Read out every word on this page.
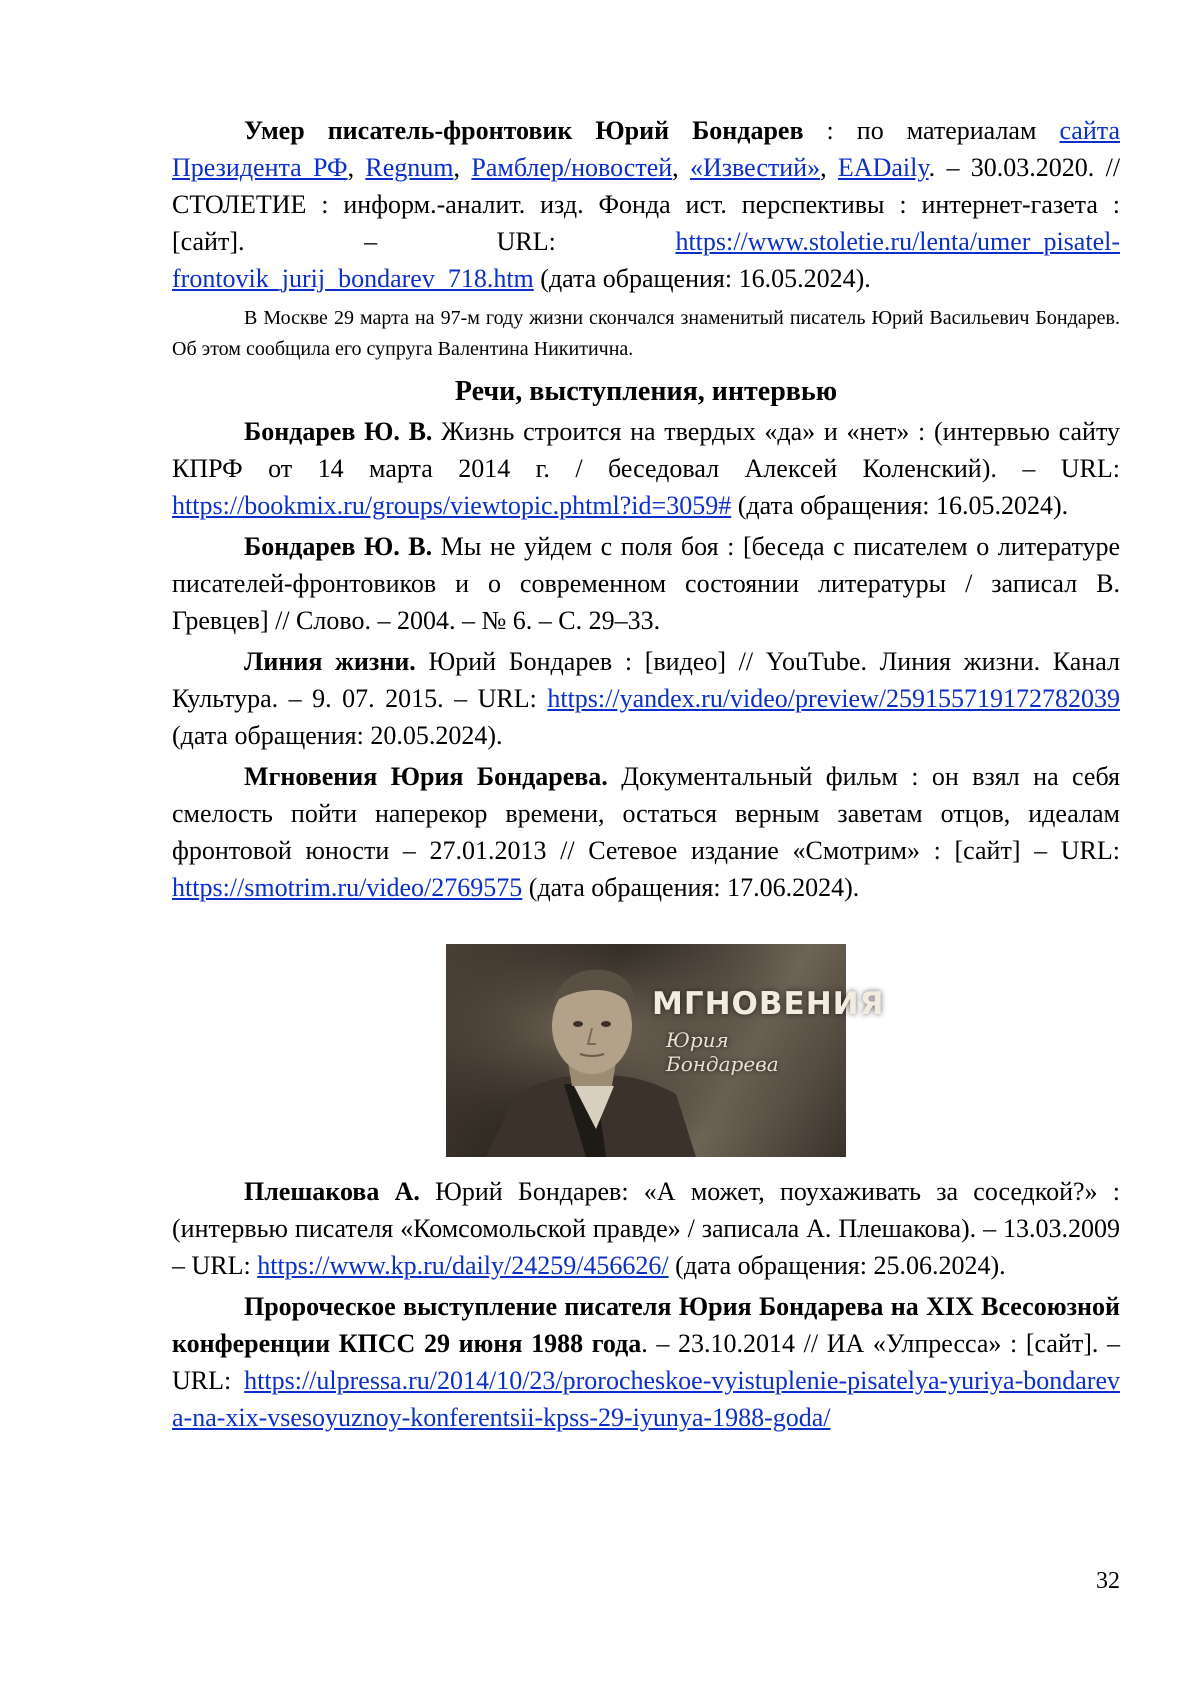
Умер писатель-фронтовик Юрий Бондарев : по материалам сайта Президента РФ, Regnum, Рамблер/новостей, «Известий», EADaily. – 30.03.2020. // СТОЛЕТИЕ : информ.-аналит. изд. Фонда ист. перспективы : интернет-газета : [сайт]. – URL: https://www.stoletie.ru/lenta/umer_pisatel-frontovik_jurij_bondarev_718.htm (дата обращения: 16.05.2024).

В Москве 29 марта на 97-м году жизни скончался знаменитый писатель Юрий Васильевич Бондарев. Об этом сообщила его супруга Валентина Никитична.

Речи, выступления, интервью

Бондарев Ю. В. Жизнь строится на твердых «да» и «нет» : (интервью сайту КПРФ от 14 марта 2014 г. / беседовал Алексей Коленский). – URL: https://bookmix.ru/groups/viewtopic.phtml?id=3059# (дата обращения: 16.05.2024).

Бондарев Ю. В. Мы не уйдем с поля боя : [беседа с писателем о литературе писателей-фронтовиков и о современном состоянии литературы / записал В. Гревцев] // Слово. – 2004. – № 6. – С. 29–33.

Линия жизни. Юрий Бондарев : [видео] // YouTube. Линия жизни. Канал Культура. – 9. 07. 2015. – URL: https://yandex.ru/video/preview/259155719172782039 (дата обращения: 20.05.2024).

Мгновения Юрия Бондарева. Документальный фильм : он взял на себя смелость пойти наперекор времени, остаться верным заветам отцов, идеалам фронтовой юности – 27.01.2013 // Сетевое издание «Смотрим» : [сайт] – URL: https://smotrim.ru/video/2769575 (дата обращения: 17.06.2024).

МГНОВЕНИЯ
Юрия Бондарева

Плешакова А. Юрий Бондарев: «А может, поухаживать за соседкой?» : (интервью писателя «Комсомольской правде» / записала А. Плешакова). – 13.03.2009 – URL: https://www.kp.ru/daily/24259/456626/ (дата обращения: 25.06.2024).

Пророческое выступление писателя Юрия Бондарева на XIX Всесоюзной конференции КПСС 29 июня 1988 года. – 23.10.2014 // ИА «Улпресса» : [сайт]. – URL: https://ulpressa.ru/2014/10/23/prorocheskoe-vyistuplenie-pisatelya-yuriya-bondareva-na-xix-vsesoyuznoy-konferentsii-kpss-29-iyunya-1988-goda/

32
